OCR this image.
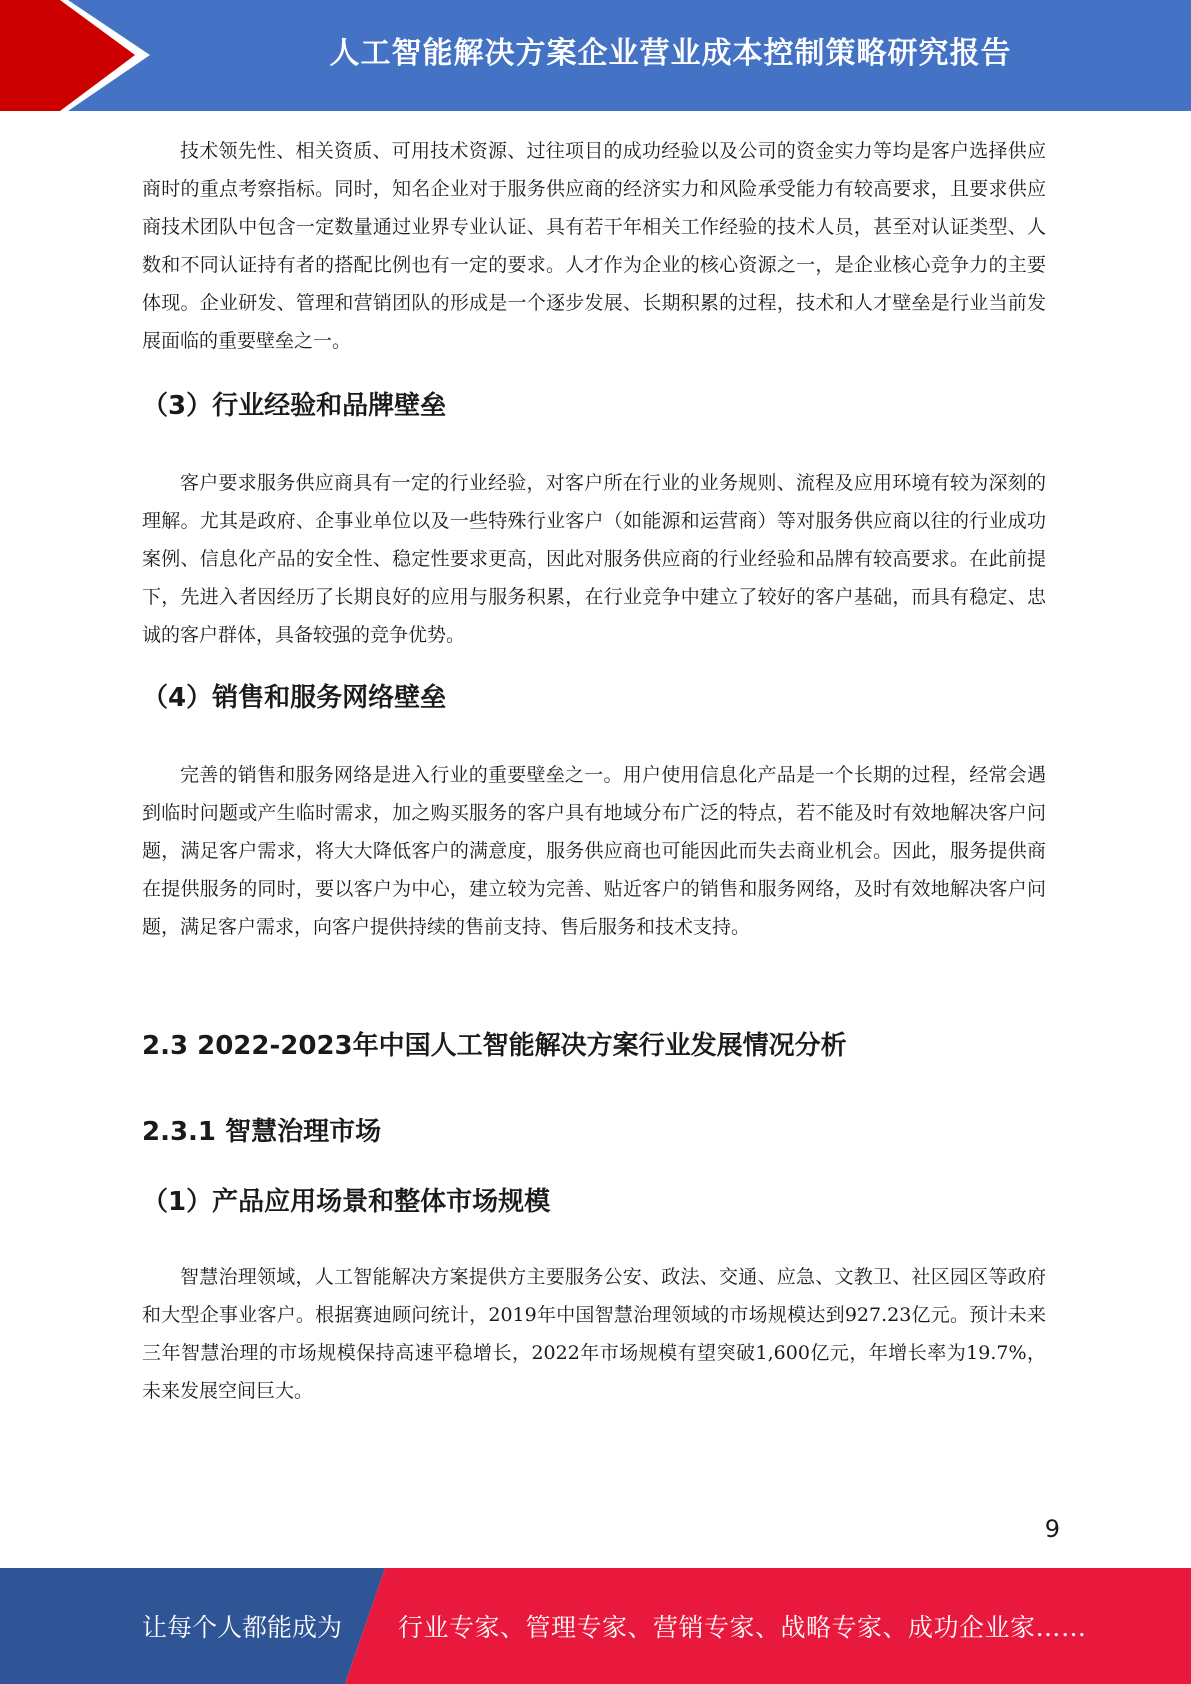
人工智能解决方案企业营业成本控制策略研究报告

技术领先性、相关资质、可用技术资源、过往项目的成功经验以及公司的资金实力等均是客户选择供应商时的重点考察指标。同时，知名企业对于服务供应商的经济实力和风险承受能力有较高要求，且要求供应商技术团队中包含一定数量通过业界专业认证、具有若干年相关工作经验的技术人员，甚至对认证类型、人数和不同认证持有者的搭配比例也有一定的要求。人才作为企业的核心资源之一，是企业核心竞争力的主要体现。企业研发、管理和营销团队的形成是一个逐步发展、长期积累的过程，技术和人才壁垒是行业当前发展面临的重要壁垒之一。

（3）行业经验和品牌壁垒

客户要求服务供应商具有一定的行业经验，对客户所在行业的业务规则、流程及应用环境有较为深刻的理解。尤其是政府、企事业单位以及一些特殊行业客户（如能源和运营商）等对服务供应商以往的行业成功案例、信息化产品的安全性、稳定性要求更高，因此对服务供应商的行业经验和品牌有较高要求。在此前提下，先进入者因经历了长期良好的应用与服务积累，在行业竞争中建立了较好的客户基础，而具有稳定、忠诚的客户群体，具备较强的竞争优势。

（4）销售和服务网络壁垒

完善的销售和服务网络是进入行业的重要壁垒之一。用户使用信息化产品是一个长期的过程，经常会遇到临时问题或产生临时需求，加之购买服务的客户具有地域分布广泛的特点，若不能及时有效地解决客户问题，满足客户需求，将大大降低客户的满意度，服务供应商也可能因此而失去商业机会。因此，服务提供商在提供服务的同时，要以客户为中心，建立较为完善、贴近客户的销售和服务网络，及时有效地解决客户问题，满足客户需求，向客户提供持续的售前支持、售后服务和技术支持。

2.3 2022-2023年中国人工智能解决方案行业发展情况分析
2.3.1 智慧治理市场
（1）产品应用场景和整体市场规模

智慧治理领域，人工智能解决方案提供方主要服务公安、政法、交通、应急、文教卫、社区园区等政府和大型企事业客户。根据赛迪顾问统计，2019年中国智慧治理领域的市场规模达到927.23亿元。预计未来三年智慧治理的市场规模保持高速平稳增长，2022年市场规模有望突破1,600亿元，年增长率为19.7%，未来发展空间巨大。

9
让每个人都能成为 行业专家、管理专家、营销专家、战略专家、成功企业家……
